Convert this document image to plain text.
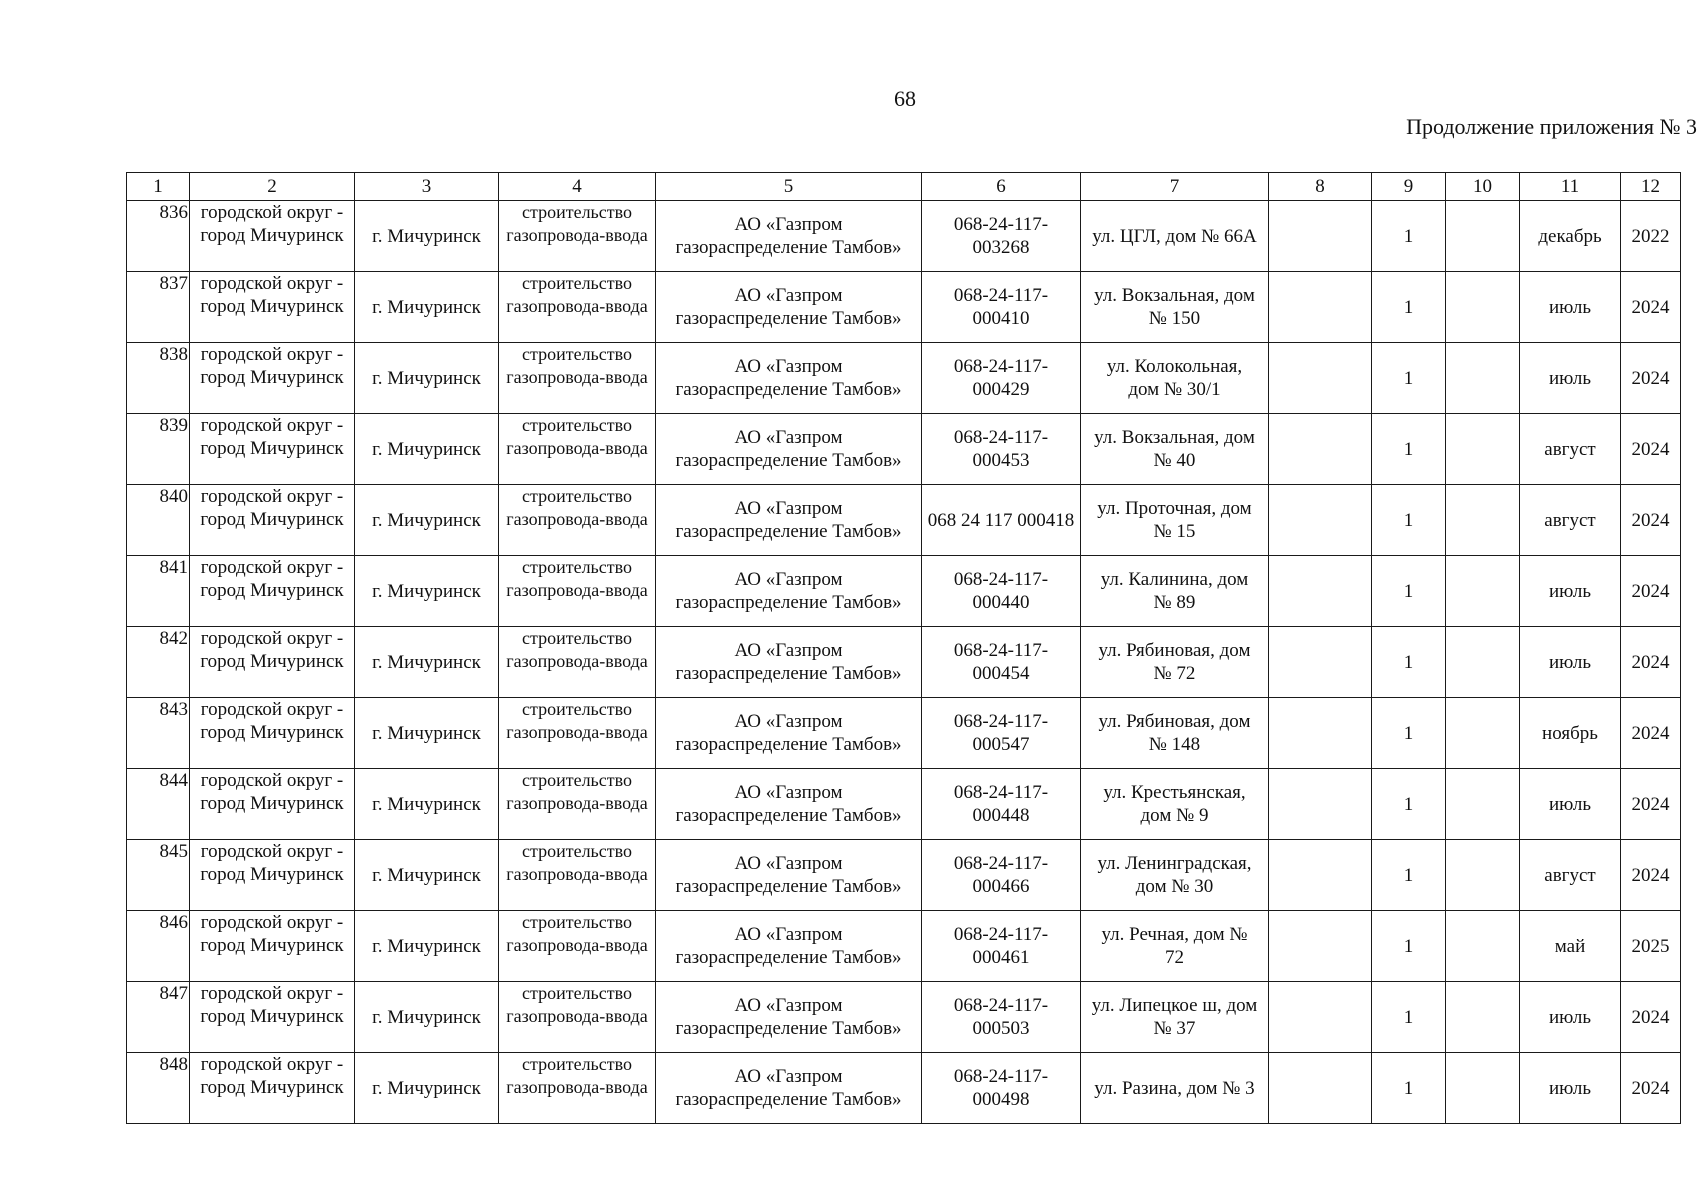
68
Продолжение приложения № 3
1	2	3	4	5	6	7	8	9	10	11	12
836	городской округ - город Мичуринск	г. Мичуринск	строительство газопровода-ввода	АО «Газпром газораспределение Тамбов»	068-24-117-003268	ул. ЦГЛ, дом № 66А		1		декабрь	2022
837	городской округ - город Мичуринск	г. Мичуринск	строительство газопровода-ввода	АО «Газпром газораспределение Тамбов»	068-24-117-000410	ул. Вокзальная, дом № 150		1		июль	2024
838	городской округ - город Мичуринск	г. Мичуринск	строительство газопровода-ввода	АО «Газпром газораспределение Тамбов»	068-24-117-000429	ул. Колокольная, дом № 30/1		1		июль	2024
839	городской округ - город Мичуринск	г. Мичуринск	строительство газопровода-ввода	АО «Газпром газораспределение Тамбов»	068-24-117-000453	ул. Вокзальная, дом № 40		1		август	2024
840	городской округ - город Мичуринск	г. Мичуринск	строительство газопровода-ввода	АО «Газпром газораспределение Тамбов»	068 24 117 000418	ул. Проточная, дом № 15		1		август	2024
841	городской округ - город Мичуринск	г. Мичуринск	строительство газопровода-ввода	АО «Газпром газораспределение Тамбов»	068-24-117-000440	ул. Калинина, дом № 89		1		июль	2024
842	городской округ - город Мичуринск	г. Мичуринск	строительство газопровода-ввода	АО «Газпром газораспределение Тамбов»	068-24-117-000454	ул. Рябиновая, дом № 72		1		июль	2024
843	городской округ - город Мичуринск	г. Мичуринск	строительство газопровода-ввода	АО «Газпром газораспределение Тамбов»	068-24-117-000547	ул. Рябиновая, дом № 148		1		ноябрь	2024
844	городской округ - город Мичуринск	г. Мичуринск	строительство газопровода-ввода	АО «Газпром газораспределение Тамбов»	068-24-117-000448	ул. Крестьянская, дом № 9		1		июль	2024
845	городской округ - город Мичуринск	г. Мичуринск	строительство газопровода-ввода	АО «Газпром газораспределение Тамбов»	068-24-117-000466	ул. Ленинградская, дом № 30		1		август	2024
846	городской округ - город Мичуринск	г. Мичуринск	строительство газопровода-ввода	АО «Газпром газораспределение Тамбов»	068-24-117-000461	ул. Речная, дом № 72		1		май	2025
847	городской округ - город Мичуринск	г. Мичуринск	строительство газопровода-ввода	АО «Газпром газораспределение Тамбов»	068-24-117-000503	ул. Липецкое ш, дом № 37		1		июль	2024
848	городской округ - город Мичуринск	г. Мичуринск	строительство газопровода-ввода	АО «Газпром газораспределение Тамбов»	068-24-117-000498	ул. Разина, дом № 3		1		июль	2024
